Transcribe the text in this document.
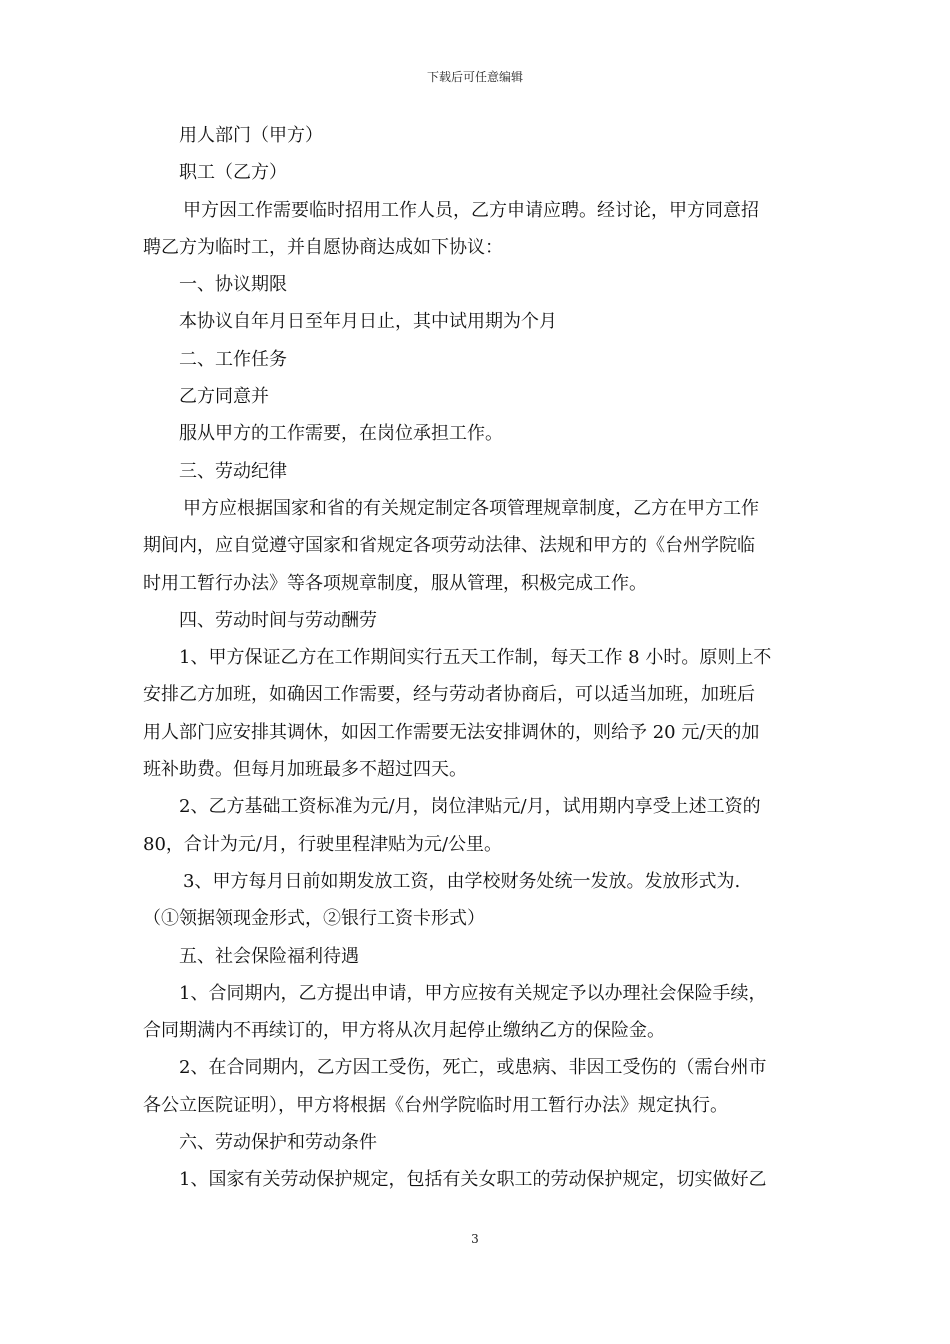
下载后可任意编辑
用人部门（甲方）
职工（乙方）
甲方因工作需要临时招用工作人员，乙方申请应聘。经讨论，甲方同意招
聘乙方为临时工，并自愿协商达成如下协议：
一、协议期限
本协议自年月日至年月日止，其中试用期为个月
二、工作任务
乙方同意并
服从甲方的工作需要，在岗位承担工作。
三、劳动纪律
甲方应根据国家和省的有关规定制定各项管理规章制度，乙方在甲方工作
期间内，应自觉遵守国家和省规定各项劳动法律、法规和甲方的《台州学院临
时用工暂行办法》等各项规章制度，服从管理，积极完成工作。
四、劳动时间与劳动酬劳
1、甲方保证乙方在工作期间实行五天工作制，每天工作 8 小时。原则上不
安排乙方加班，如确因工作需要，经与劳动者协商后，可以适当加班，加班后
用人部门应安排其调休，如因工作需要无法安排调休的，则给予 20 元/天的加
班补助费。但每月加班最多不超过四天。
2、乙方基础工资标准为元/月，岗位津贴元/月，试用期内享受上述工资的
80，合计为元/月，行驶里程津贴为元/公里。
3、甲方每月日前如期发放工资，由学校财务处统一发放。发放形式为.
（①领据领现金形式，②银行工资卡形式）
五、社会保险福利待遇
1、合同期内，乙方提出申请，甲方应按有关规定予以办理社会保险手续，
合同期满内不再续订的，甲方将从次月起停止缴纳乙方的保险金。
2、在合同期内，乙方因工受伤，死亡，或患病、非因工受伤的（需台州市
各公立医院证明），甲方将根据《台州学院临时用工暂行办法》规定执行。
六、劳动保护和劳动条件
1、国家有关劳动保护规定，包括有关女职工的劳动保护规定，切实做好乙
3
